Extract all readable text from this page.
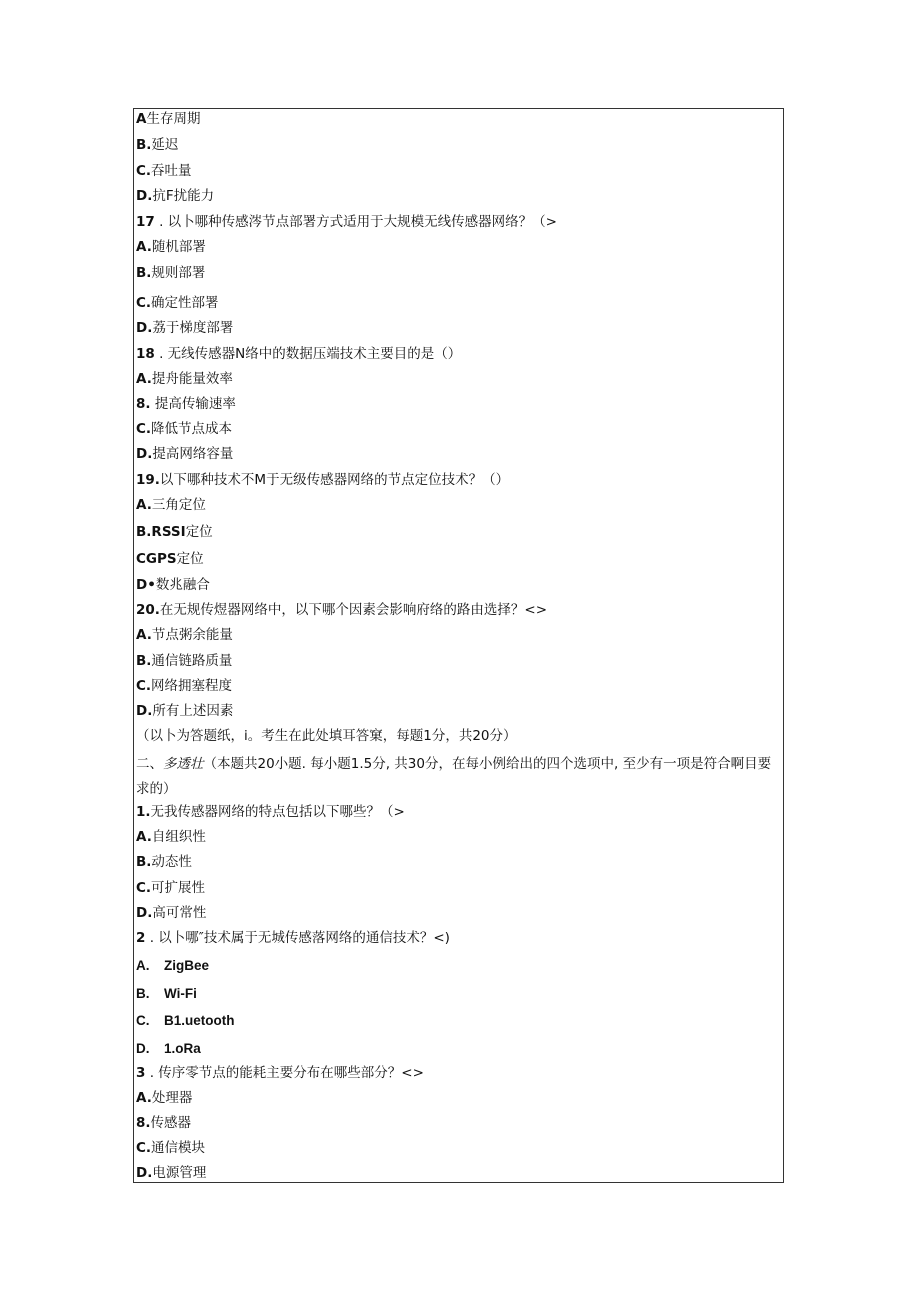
A生存周期
B.延迟
C.吞吐量
D.抗F扰能力
17 . 以卜哪种传感涔节点部署方式适用于大规模无线传感器网络？（>
A.随机部署
B.规则部署
C.确定性部署
D.荔于梯度部署
18 . 无线传感器N络中的数据压端技术主要目的是（）
A.提舟能量效率
8. 提高传输速率
C.降低节点成本
D.提高网络容量
19.以下哪种技术不M于无级传感器网络的节点定位技术？（）
A.三角定位
B.RSSI定位
CGPS定位
D•数兆融合
20.在无规传煜器网络中，以下哪个因素会影响府络的路由选择？<>
A.节点粥余能量
B.通信链路质量
C.网络拥塞程度
D.所有上述因素
（以卜为答题纸，i。考生在此处填耳答窠，每题1分，共20分）
二、多透壮（本题共20小题. 每小题1.5分, 共30分，在每小例给出的四个选项中, 至少有一项是符合啊目要求的）
1.无我传感器网络的特点包括以下哪些？（>
A.自组织性
B.动态性
C.可扩展性
D.高可常性
2 . 以卜哪″技术属于无城传感落网络的通信技术？<)
A. ZigBee
B. Wi-Fi
C. B1.uetooth
D. 1.oRa
3 . 传序零节点的能耗主要分布在哪些部分？<>
A.处理器
8.传感器
C.通信模块
D.电源管理
